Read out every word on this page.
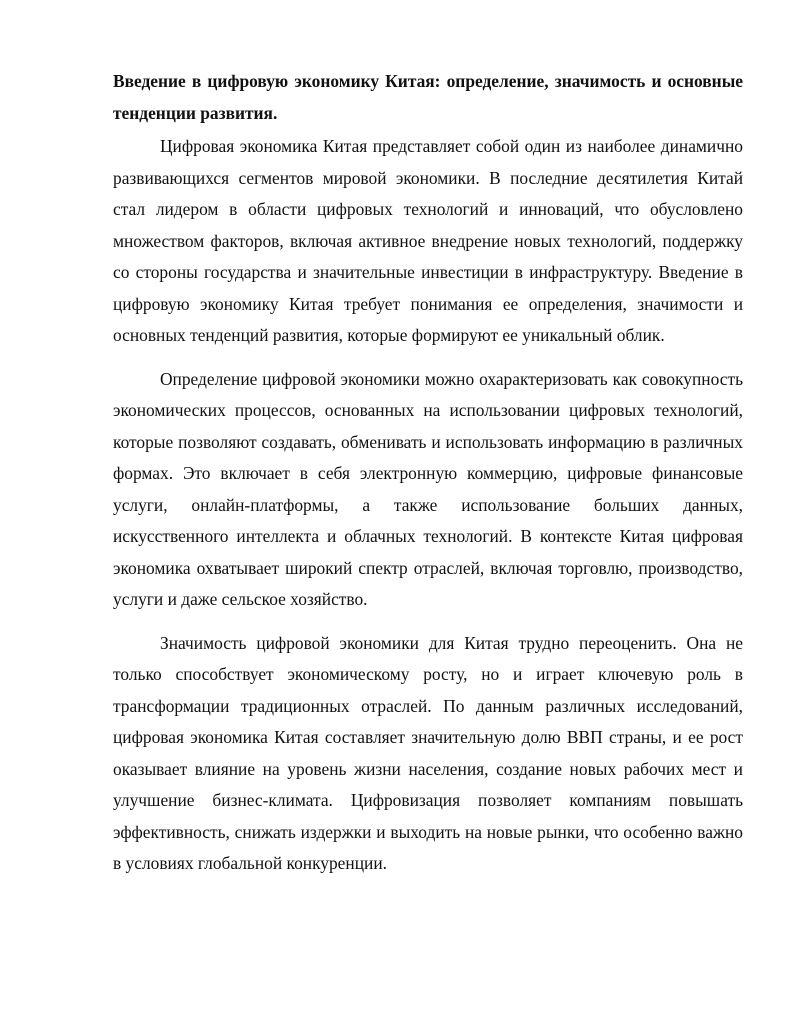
Введение в цифровую экономику Китая: определение, значимость и основные тенденции развития.

Цифровая экономика Китая представляет собой один из наиболее динамично развивающихся сегментов мировой экономики. В последние десятилетия Китай стал лидером в области цифровых технологий и инноваций, что обусловлено множеством факторов, включая активное внедрение новых технологий, поддержку со стороны государства и значительные инвестиции в инфраструктуру. Введение в цифровую экономику Китая требует понимания ее определения, значимости и основных тенденций развития, которые формируют ее уникальный облик.

Определение цифровой экономики можно охарактеризовать как совокупность экономических процессов, основанных на использовании цифровых технологий, которые позволяют создавать, обменивать и использовать информацию в различных формах. Это включает в себя электронную коммерцию, цифровые финансовые услуги, онлайн-платформы, а также использование больших данных, искусственного интеллекта и облачных технологий. В контексте Китая цифровая экономика охватывает широкий спектр отраслей, включая торговлю, производство, услуги и даже сельское хозяйство.

Значимость цифровой экономики для Китая трудно переоценить. Она не только способствует экономическому росту, но и играет ключевую роль в трансформации традиционных отраслей. По данным различных исследований, цифровая экономика Китая составляет значительную долю ВВП страны, и ее рост оказывает влияние на уровень жизни населения, создание новых рабочих мест и улучшение бизнес-климата. Цифровизация позволяет компаниям повышать эффективность, снижать издержки и выходить на новые рынки, что особенно важно в условиях глобальной конкуренции.
